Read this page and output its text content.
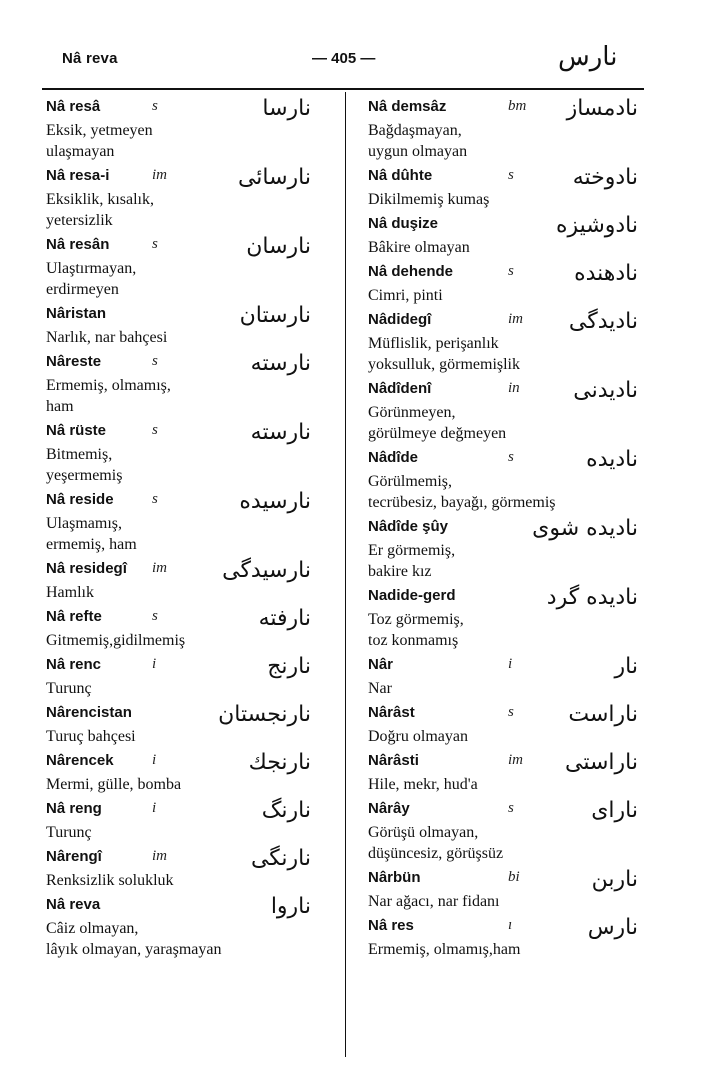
Nâ reva	— 405 —	نارس
Nâ resâ	s	نارسا
Eksik, yetmeyen
ulaşmayan
Nâ resa-i	im	نارسائی
Eksiklik, kısalık,
yetersizlik
Nâ resân	s	نارسان
Ulaştırmayan,
erdirmeyen
Nâristan	نارستان
Narlık, nar bahçesi
Nâreste	s	نارسته
Ermemiş, olmamış,
ham
Nâ rüste	s	نارسته
Bitmemiş,
yeşermemiş
Nâ reside	s	نارسیده
Ulaşmamış,
ermemiş, ham
Nâ residegî im	نارسیدگی
Hamlık
Nâ refte	s	نارفته
Gitmemiş,gidilmemiş
Nâ renc	i	نارنج
Turunç
Nârencistan	نارنجستان
Turuç bahçesi
Nârencek	i	نارنجك
Mermi, gülle, bomba
Nâ reng	i	نارنگ
Turunç
Nârengî	im	نارنگی
Renksizlik solukluk
Nâ reva	ناروا
Câiz olmayan,
lâyık olmayan, yaraşmayan
Nâ demsâz	bm نادمساز
Bağdaşmayan,
uygun olmayan
Nâ dûhte	s	نادوخته
Dikilmemiş kumaş
Nâ duşize	نادوشیزه
Bâkire olmayan
Nâ dehende	s	نادهنده
Cimri, pinti
Nâdidegî	im نادیدگی
Müflislik, perişanlık
yoksulluk, görmemişlik
Nâdîdenî	in نادیدنی
Görünmeyen,
görülmeye değmeyen
Nâdîde	s	نادیده
Görülmemiş,
tecrübesiz, bayağı, görmemiş
Nâdîde şûy	نادیده شوی
Er görmemiş,
bakire kız
Nadide-gerd	نادیده گرد
Toz görmemiş,
toz konmamış
Nâr	i	نار
Nar
Nârâst	s ناراست
Doğru olmayan
Nârâsti	im ناراستی
Hile, mekr, hud'a
Nârây	s	نارای
Görüşü olmayan,
düşüncesiz, görüşsüz
Nârbün	bi	ناربن
Nar ağacı, nar fidanı
Nâ res	ı	نارس
Ermemiş, olmamış,ham
